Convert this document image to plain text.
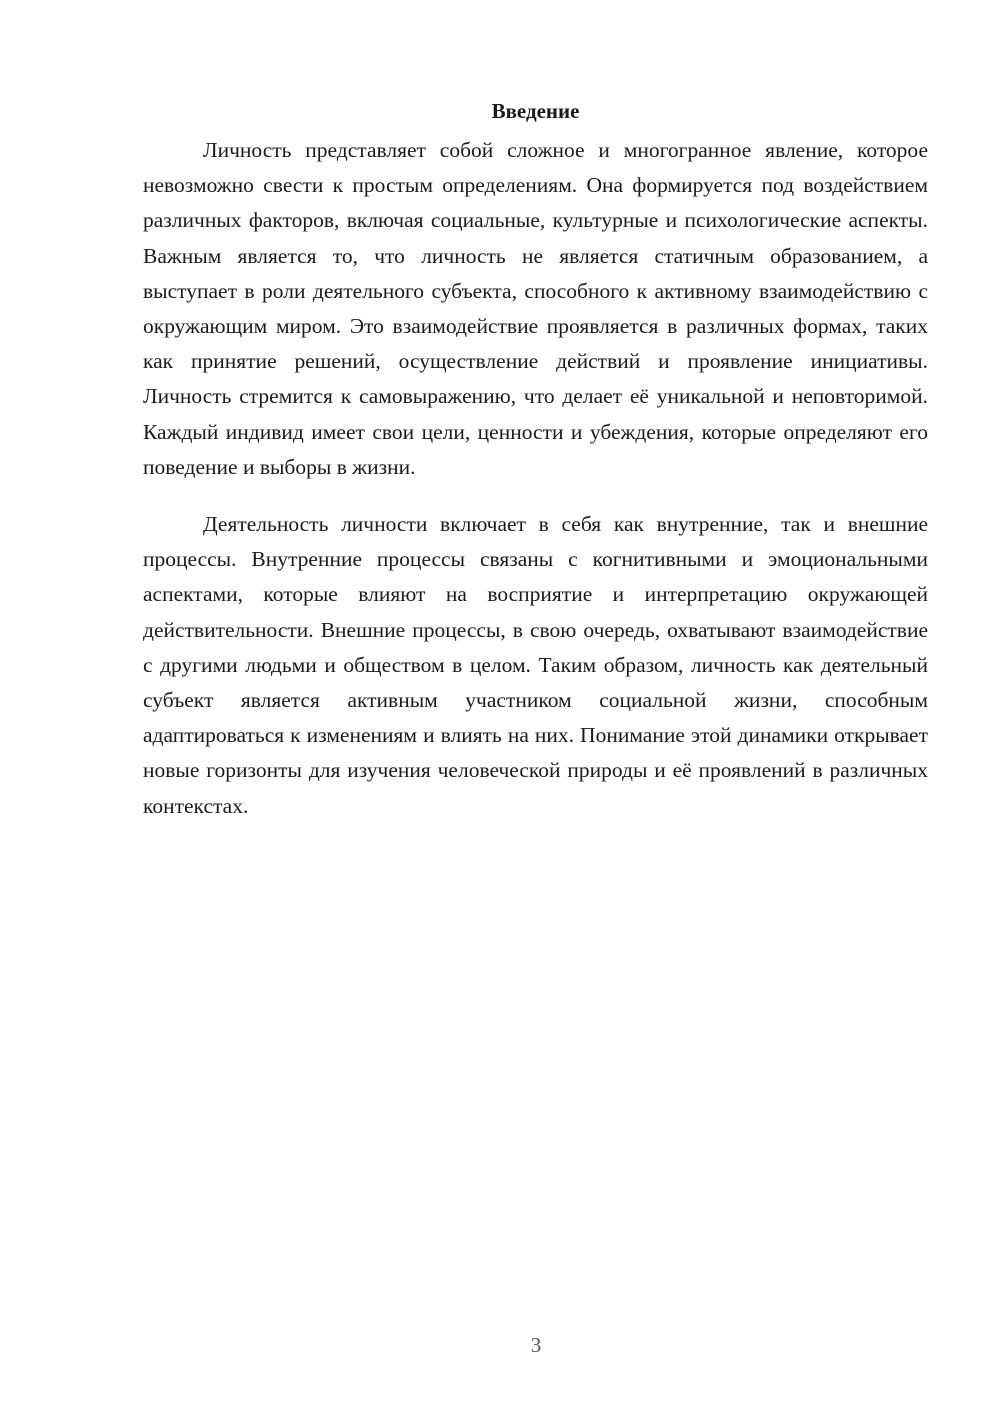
Введение

Личность представляет собой сложное и многогранное явление, которое невозможно свести к простым определениям. Она формируется под воздействием различных факторов, включая социальные, культурные и психологические аспекты. Важным является то, что личность не является статичным образованием, а выступает в роли деятельного субъекта, способного к активному взаимодействию с окружающим миром. Это взаимодействие проявляется в различных формах, таких как принятие решений, осуществление действий и проявление инициативы. Личность стремится к самовыражению, что делает её уникальной и неповторимой. Каждый индивид имеет свои цели, ценности и убеждения, которые определяют его поведение и выборы в жизни.

Деятельность личности включает в себя как внутренние, так и внешние процессы. Внутренние процессы связаны с когнитивными и эмоциональными аспектами, которые влияют на восприятие и интерпретацию окружающей действительности. Внешние процессы, в свою очередь, охватывают взаимодействие с другими людьми и обществом в целом. Таким образом, личность как деятельный субъект является активным участником социальной жизни, способным адаптироваться к изменениям и влиять на них. Понимание этой динамики открывает новые горизонты для изучения человеческой природы и её проявлений в различных контекстах.

3
